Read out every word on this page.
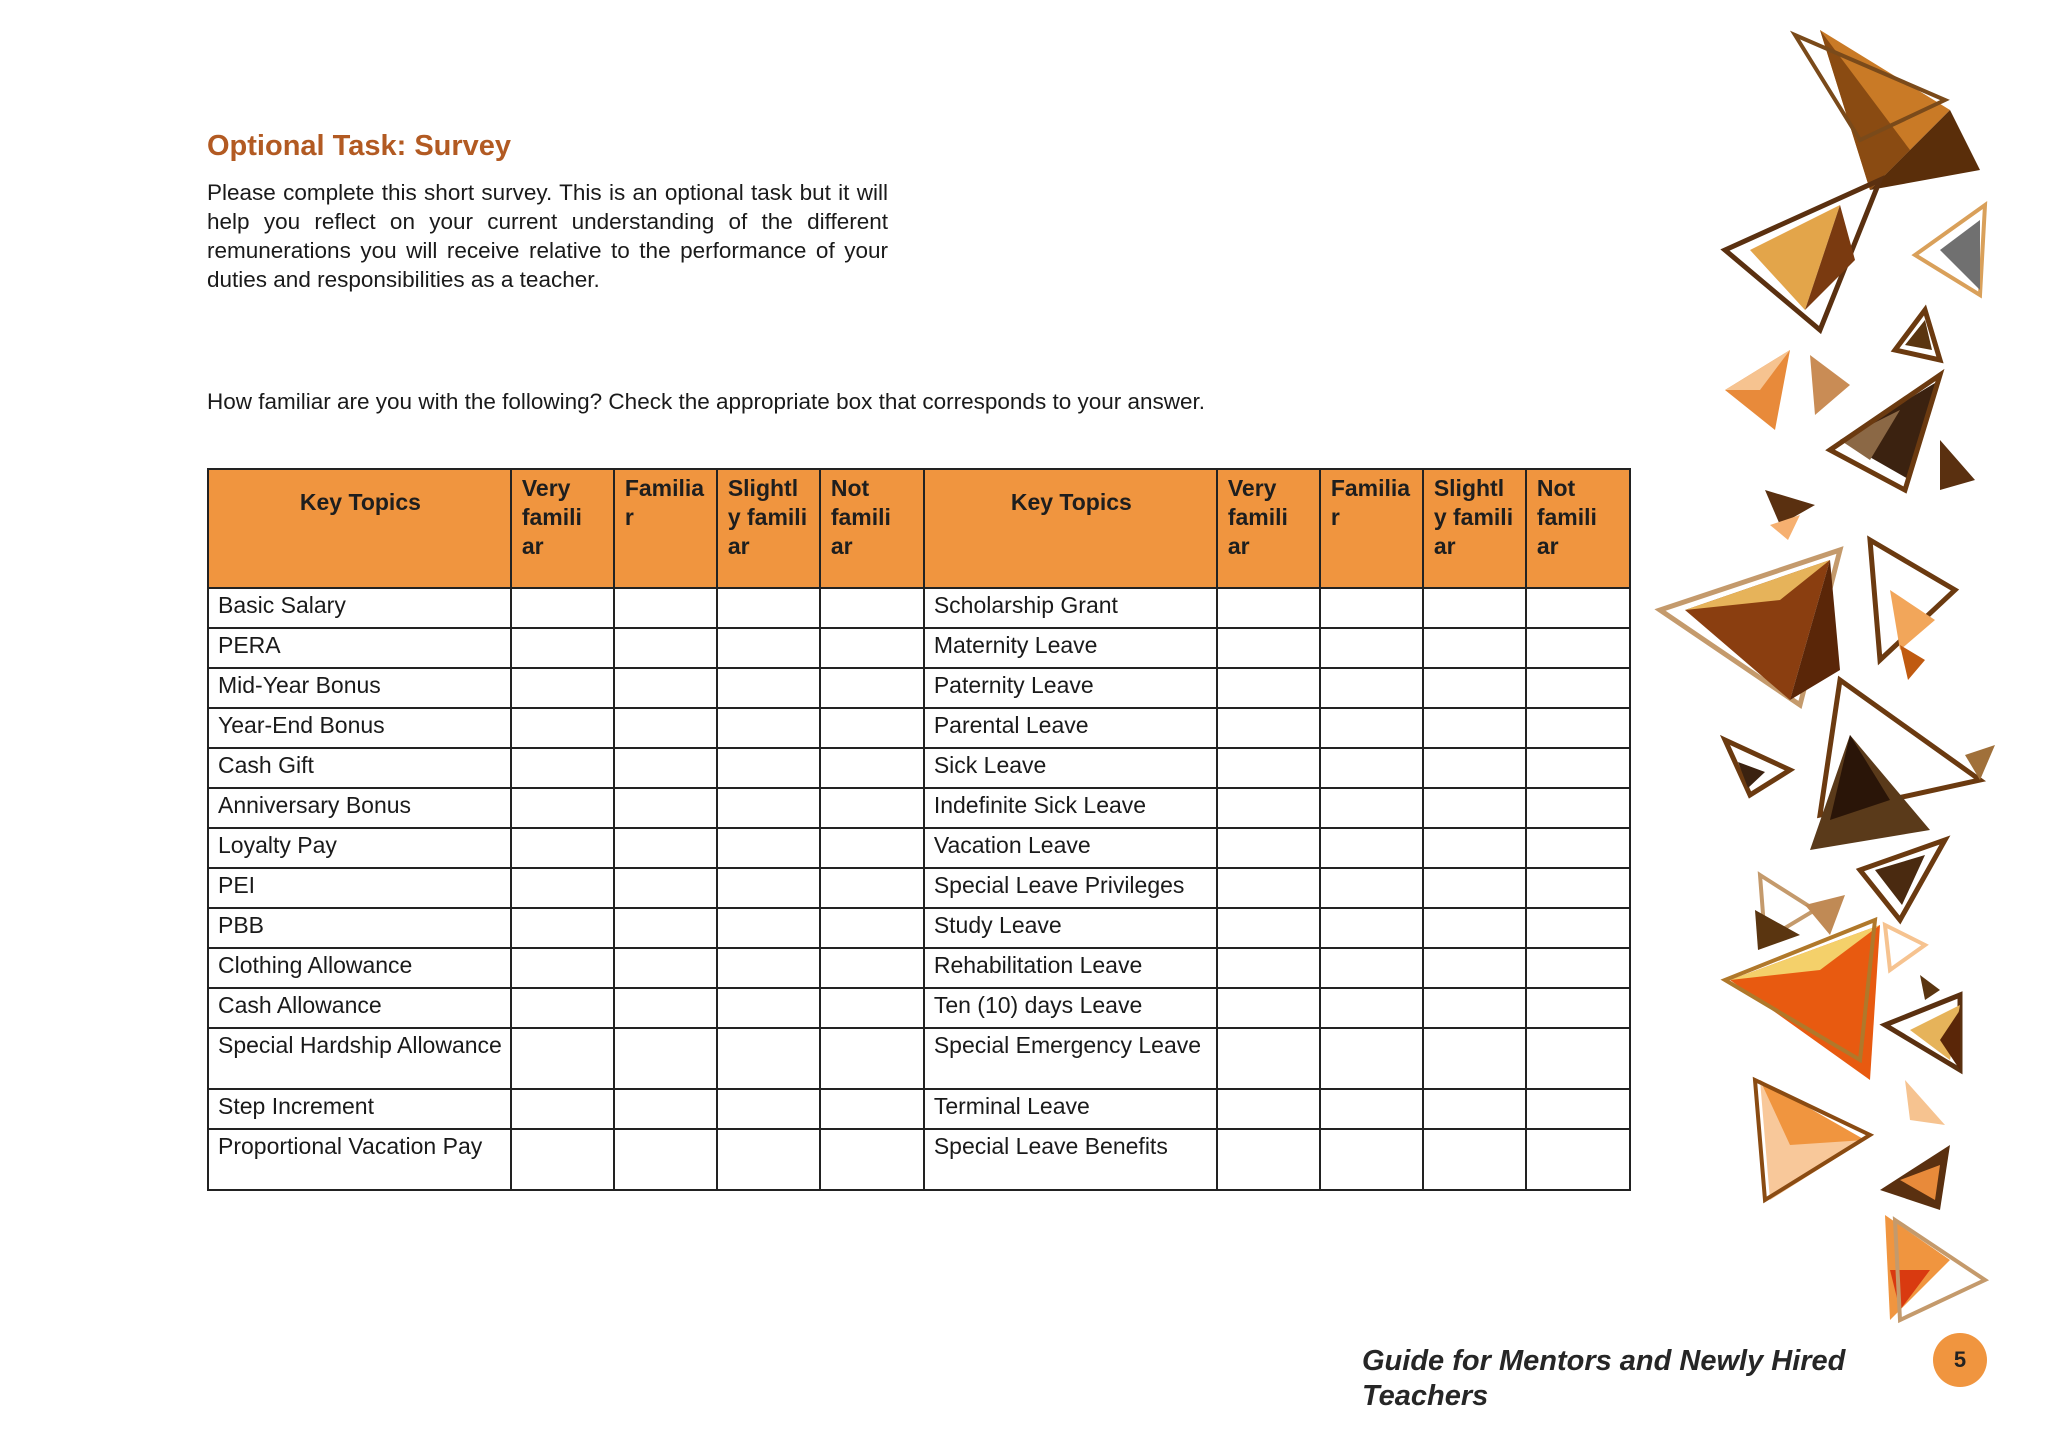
Optional Task: Survey

Please complete this short survey. This is an optional task but it will help you reflect on your current understanding of the different remunerations you will receive relative to the performance of your duties and responsibilities as a teacher.

How familiar are you with the following? Check the appropriate box that corresponds to your answer.

Key Topics	Very famili ar	Familia r	Slightl y famili ar	Not famili ar	Key Topics	Very famili ar	Familia r	Slightl y famili ar	Not famili ar
Basic Salary					Scholarship Grant				
PERA					Maternity Leave				
Mid-Year Bonus					Paternity Leave				
Year-End Bonus					Parental Leave				
Cash Gift					Sick Leave				
Anniversary Bonus					Indefinite Sick Leave				
Loyalty Pay					Vacation Leave				
PEI					Special Leave Privileges				
PBB					Study Leave				
Clothing Allowance					Rehabilitation Leave				
Cash Allowance					Ten (10) days Leave				
Special Hardship Allowance					Special Emergency Leave				
Step Increment					Terminal Leave				
Proportional Vacation Pay					Special Leave Benefits				
Guide for Mentors and Newly Hired Teachers
5
